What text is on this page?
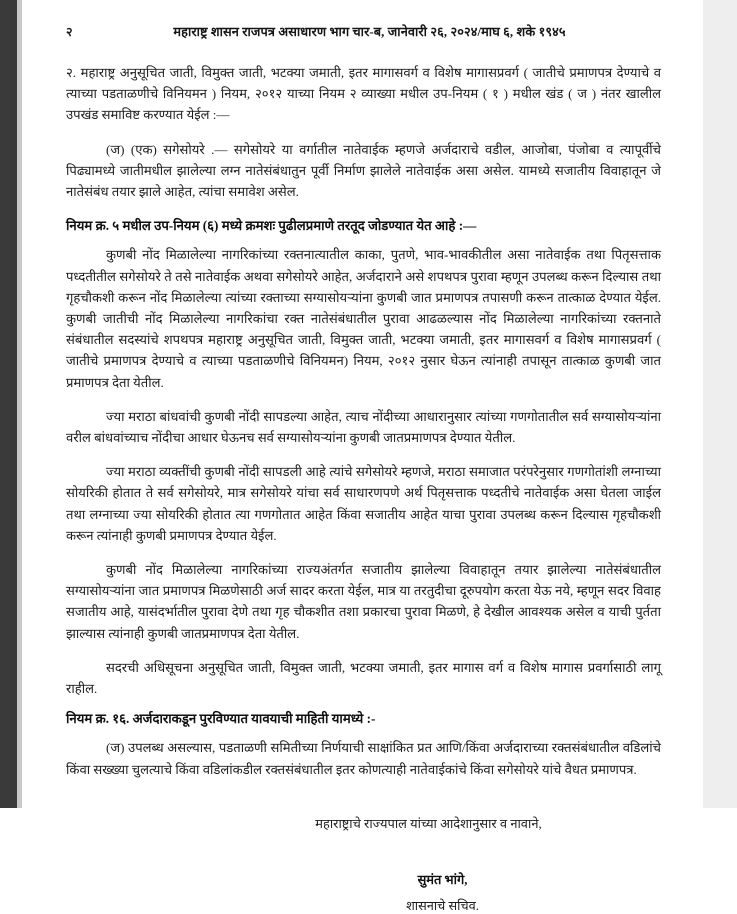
२	महाराष्ट्र शासन राजपत्र असाधारण भाग चार-ब, जानेवारी २६, २०२४/माघ ६, शके १९४५

२. महाराष्ट्र अनुसूचित जाती, विमुक्त जाती, भटक्या जमाती, इतर मागासवर्ग व विशेष मागासप्रवर्ग ( जातीचे प्रमाणपत्र देण्याचे व त्याच्या पडताळणीचे विनियमन ) नियम, २०१२ याच्या नियम २ व्याख्या मधील उप-नियम ( १ ) मधील खंड ( ज ) नंतर खालील उपखंड समाविष्ट करण्यात येईल :—

(ज) (एक) सगेसोयरे .— सगेसोयरे या वर्गातील नातेवाईक म्हणजे अर्जदाराचे वडील, आजोबा, पंजोबा व त्यापूर्वीचे पिढ्यामध्ये जातीमधील झालेल्या लग्न नातेसंबंधातुन पूर्वी निर्माण झालेले नातेवाईक असा असेल. यामध्ये सजातीय विवाहातून जे नातेसंबंध तयार झाले आहेत, त्यांचा समावेश असेल.

नियम क्र. ५ मधील उप-नियम (६) मध्ये क्रमशः पुढीलप्रमाणे तरतूद जोडण्यात येत आहे :—

कुणबी नोंद मिळालेल्या नागरिकांच्या रक्तनात्यातील काका, पुतणे, भाव-भावकीतील असा नातेवाईक तथा पितृसत्ताक पध्दतीतील सगेसोयरे ते तसे नातेवाईक अथवा सगेसोयरे आहेत, अर्जदाराने असे शपथपत्र पुरावा म्हणून उपलब्ध करून दिल्यास तथा गृहचौकशी करून नोंद मिळालेल्या त्यांच्या रक्ताच्या सग्यासोयऱ्यांना कुणबी जात प्रमाणपत्र तपासणी करून तात्काळ देण्यात येईल. कुणबी जातीची नोंद मिळालेल्या नागरिकांचा रक्त नातेसंबंधातील पुरावा आढळल्यास नोंद मिळालेल्या नागरिकांच्या रक्तनाते संबंधातील सदस्यांचे शपथपत्र महाराष्ट्र अनुसूचित जाती, विमुक्त जाती, भटक्या जमाती, इतर मागासवर्ग व विशेष मागासप्रवर्ग ( जातीचे प्रमाणपत्र देण्याचे व त्याच्या पडताळणीचे विनियमन) नियम, २०१२ नुसार घेऊन त्यांनाही तपासून तात्काळ कुणबी जात प्रमाणपत्र देता येतील.

ज्या मराठा बांधवांची कुणबी नोंदी सापडल्या आहेत, त्याच नोंदीच्या आधारानुसार त्यांच्या गणगोतातील सर्व सग्यासोयऱ्यांना वरील बांधवांच्याच नोंदीचा आधार घेऊनच सर्व सग्यासोयऱ्यांना कुणबी जातप्रमाणपत्र देण्यात येतील.

ज्या मराठा व्यक्तींची कुणबी नोंदी सापडली आहे त्यांचे सगेसोयरे म्हणजे, मराठा समाजात परंपरेनुसार गणगोतांशी लग्नाच्या सोयरिकी होतात ते सर्व सगेसोयरे, मात्र सगेसोयरे यांचा सर्व साधारणपणे अर्थ पितृसत्ताक पध्दतीचे नातेवाईक असा घेतला जाईल तथा लग्नाच्या ज्या सोयरिकी होतात त्या गणगोतात आहेत किंवा सजातीय आहेत याचा पुरावा उपलब्ध करून दिल्यास गृहचौकशी करून त्यांनाही कुणबी प्रमाणपत्र देण्यात येईल.

कुणबी नोंद मिळालेल्या नागरिकांच्या राज्यअंतर्गत सजातीय झालेल्या विवाहातून तयार झालेल्या नातेसंबंधातील सग्यासोयऱ्यांना जात प्रमाणपत्र मिळणेसाठी अर्ज सादर करता येईल, मात्र या तरतुदीचा दूरुपयोग करता येऊ नये, म्हणून सदर विवाह सजातीय आहे, यासंदर्भातील पुरावा देणे तथा गृह चौकशीत तशा प्रकारचा पुरावा मिळणे, हे देखील आवश्यक असेल व याची पुर्तता झाल्यास त्यांनाही कुणबी जातप्रमाणपत्र देता येतील.

सदरची अधिसूचना अनुसूचित जाती, विमुक्त जाती, भटक्या जमाती, इतर मागास वर्ग व विशेष मागास प्रवर्गासाठी लागू राहील.

नियम क्र. १६. अर्जदाराकडून पुरविण्यात यावयाची माहिती यामध्ये :-

(ज) उपलब्ध असल्यास, पडताळणी समितीच्या निर्णयाची साक्षांकित प्रत आणि/किंवा अर्जदाराच्या रक्तसंबंधातील वडिलांचे किंवा सख्ख्या चुलत्याचे किंवा वडिलांकडील रक्तसंबंधातील इतर कोणत्याही नातेवाईकांचे किंवा सगेसोयरे यांचे वैधत प्रमाणपत्र.

महाराष्ट्राचे राज्यपाल यांच्या आदेशानुसार व नावाने,
सुमंत भांगे,
शासनाचे सचिव.
